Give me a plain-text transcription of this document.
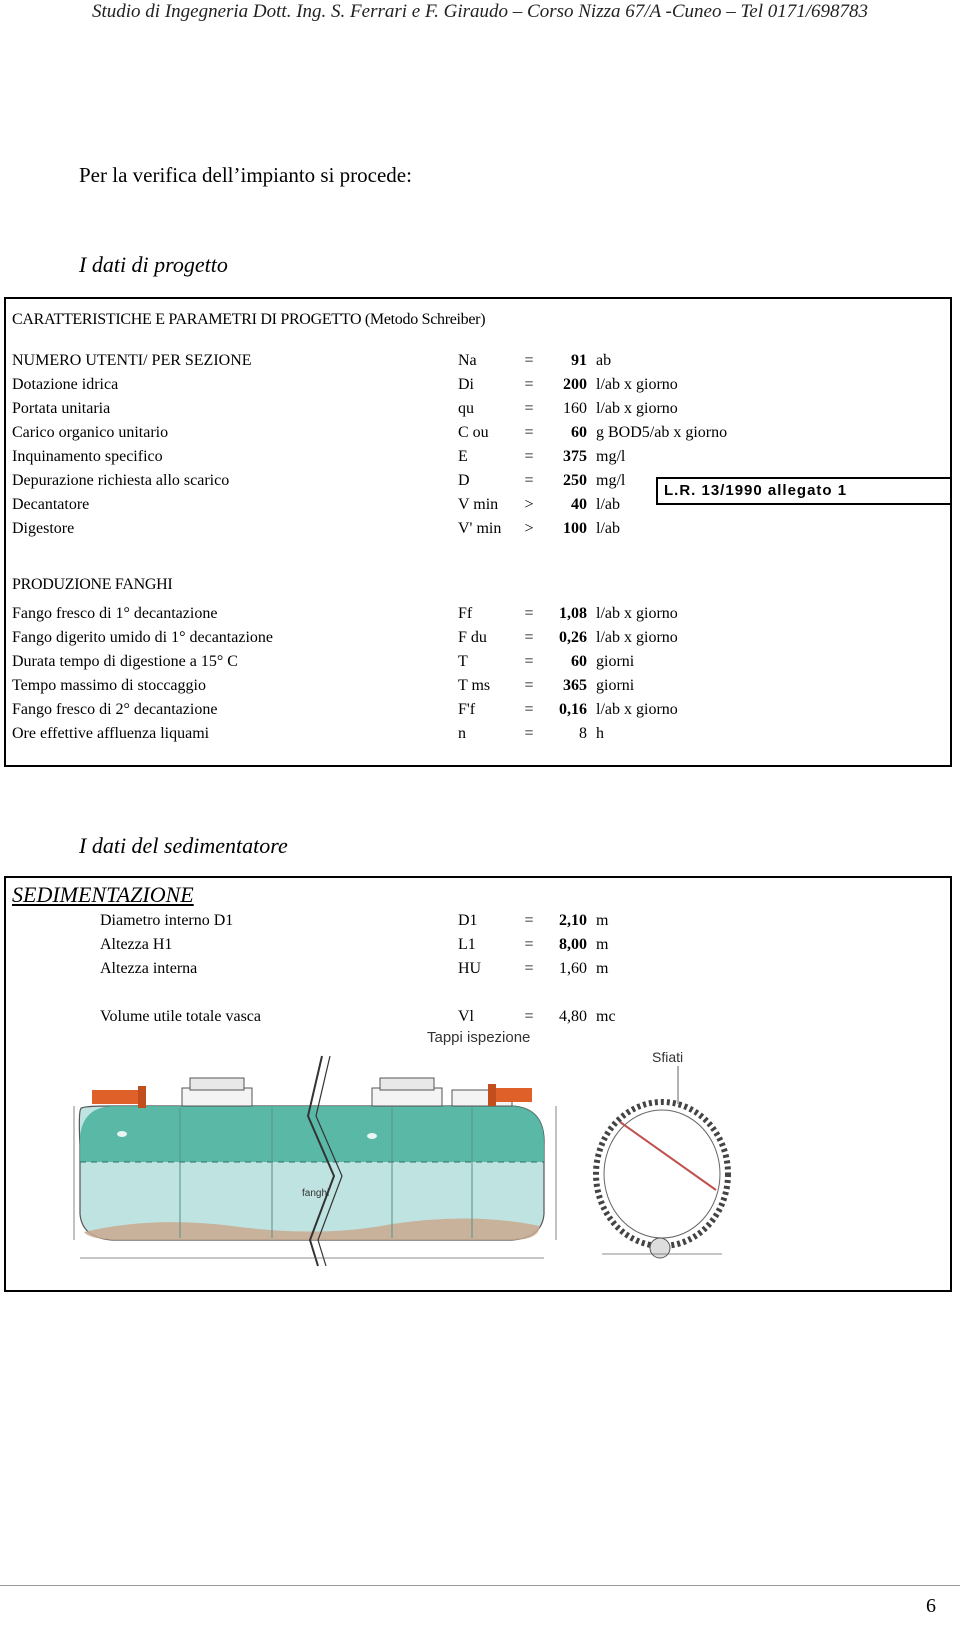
Studio di Ingegneria Dott. Ing. S. Ferrari e F. Giraudo – Corso Nizza 67/A -Cuneo – Tel 0171/698783
Per la verifica dell’impianto si procede:
I dati di progetto
CARATTERISTICHE E PARAMETRI DI PROGETTO (Metodo Schreiber)
NUMERO UTENTI/ PER SEZIONE	Na	=	91 ab
Dotazione idrica	Di	=	200 l/ab x giorno
Portata unitaria	qu	=	160 l/ab x giorno
Carico organico unitario	C ou	=	60 g BOD5/ab x giorno
Inquinamento specifico	E	=	375 mg/l
Depurazione richiesta allo scarico	D	=	250 mg/l
Decantatore	V min	>	40 l/ab
Digestore	V' min	>	100 l/ab
PRODUZIONE FANGHI
Fango fresco di 1° decantazione	Ff	=	1,08 l/ab x giorno
Fango digerito umido di 1° decantazione	F du	=	0,26 l/ab x giorno
Durata tempo di digestione a 15° C	T	=	60 giorni
Tempo massimo di stoccaggio	T ms	=	365 giorni
Fango fresco di 2° decantazione	F'f	=	0,16 l/ab x giorno
Ore effettive affluenza liquami	n	=	8 h
L.R. 13/1990 allegato 1
I dati del sedimentatore
SEDIMENTAZIONE
Diametro interno D1	D1	=	2,10 m
Altezza H1	L1	=	8,00 m
Altezza interna	HU	=	1,60 m
Volume utile totale vasca	Vl	=	4,80 mc
Tappi ispezione
fanghi
Sfiati
6
